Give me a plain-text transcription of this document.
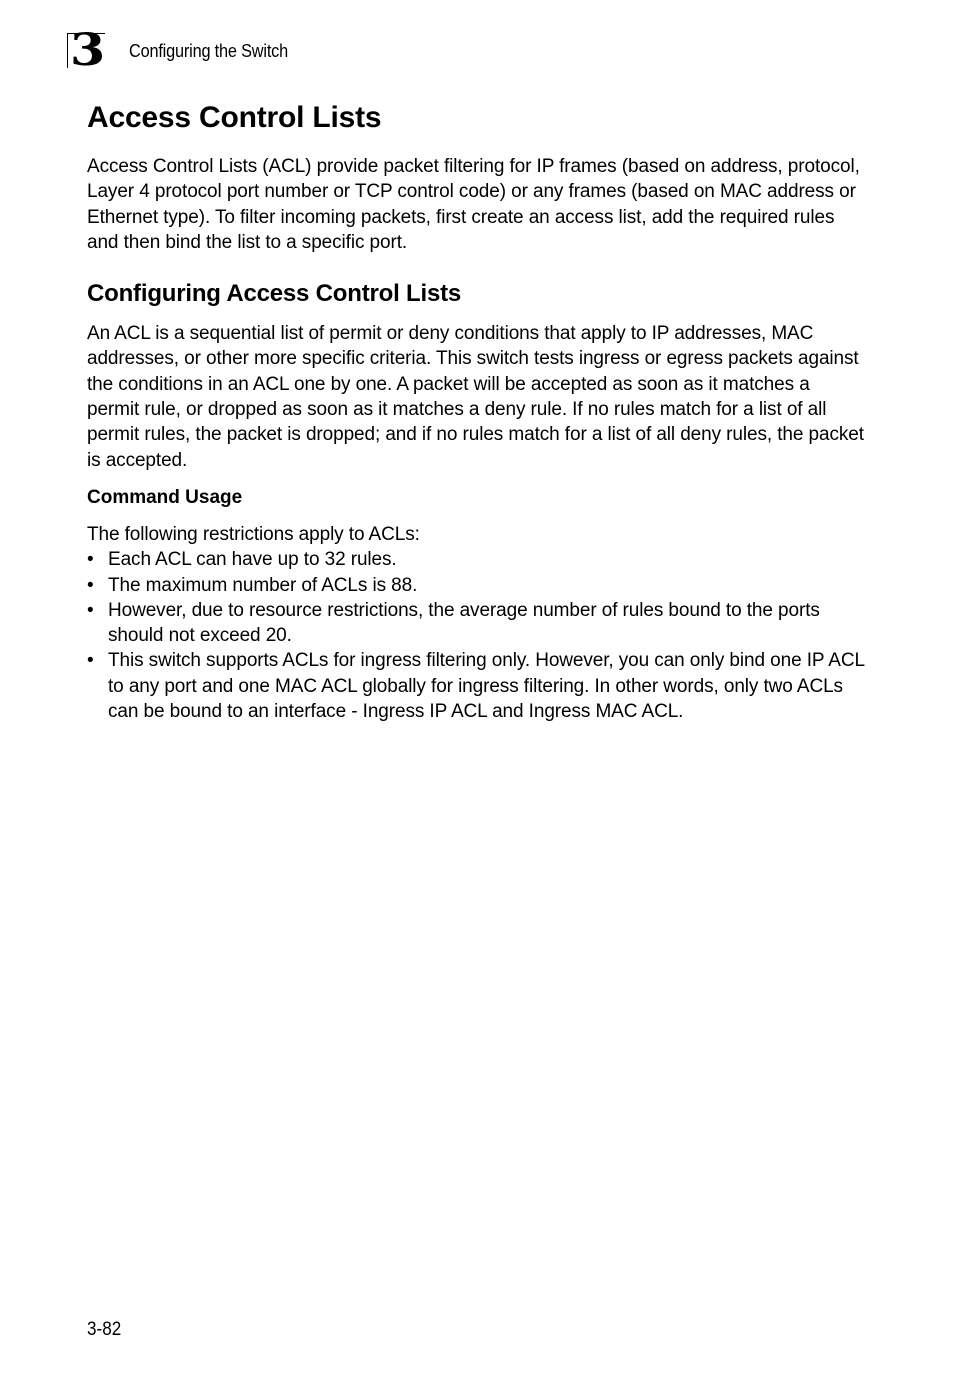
3 Configuring the Switch
Access Control Lists

Access Control Lists (ACL) provide packet filtering for IP frames (based on address, protocol, Layer 4 protocol port number or TCP control code) or any frames (based on MAC address or Ethernet type). To filter incoming packets, first create an access list, add the required rules and then bind the list to a specific port.

Configuring Access Control Lists

An ACL is a sequential list of permit or deny conditions that apply to IP addresses, MAC addresses, or other more specific criteria. This switch tests ingress or egress packets against the conditions in an ACL one by one. A packet will be accepted as soon as it matches a permit rule, or dropped as soon as it matches a deny rule. If no rules match for a list of all permit rules, the packet is dropped; and if no rules match for a list of all deny rules, the packet is accepted.

Command Usage

The following restrictions apply to ACLs:

• Each ACL can have up to 32 rules.
• The maximum number of ACLs is 88.
• However, due to resource restrictions, the average number of rules bound to the ports should not exceed 20.
• This switch supports ACLs for ingress filtering only. However, you can only bind one IP ACL to any port and one MAC ACL globally for ingress filtering. In other words, only two ACLs can be bound to an interface - Ingress IP ACL and Ingress MAC ACL.
3-82
